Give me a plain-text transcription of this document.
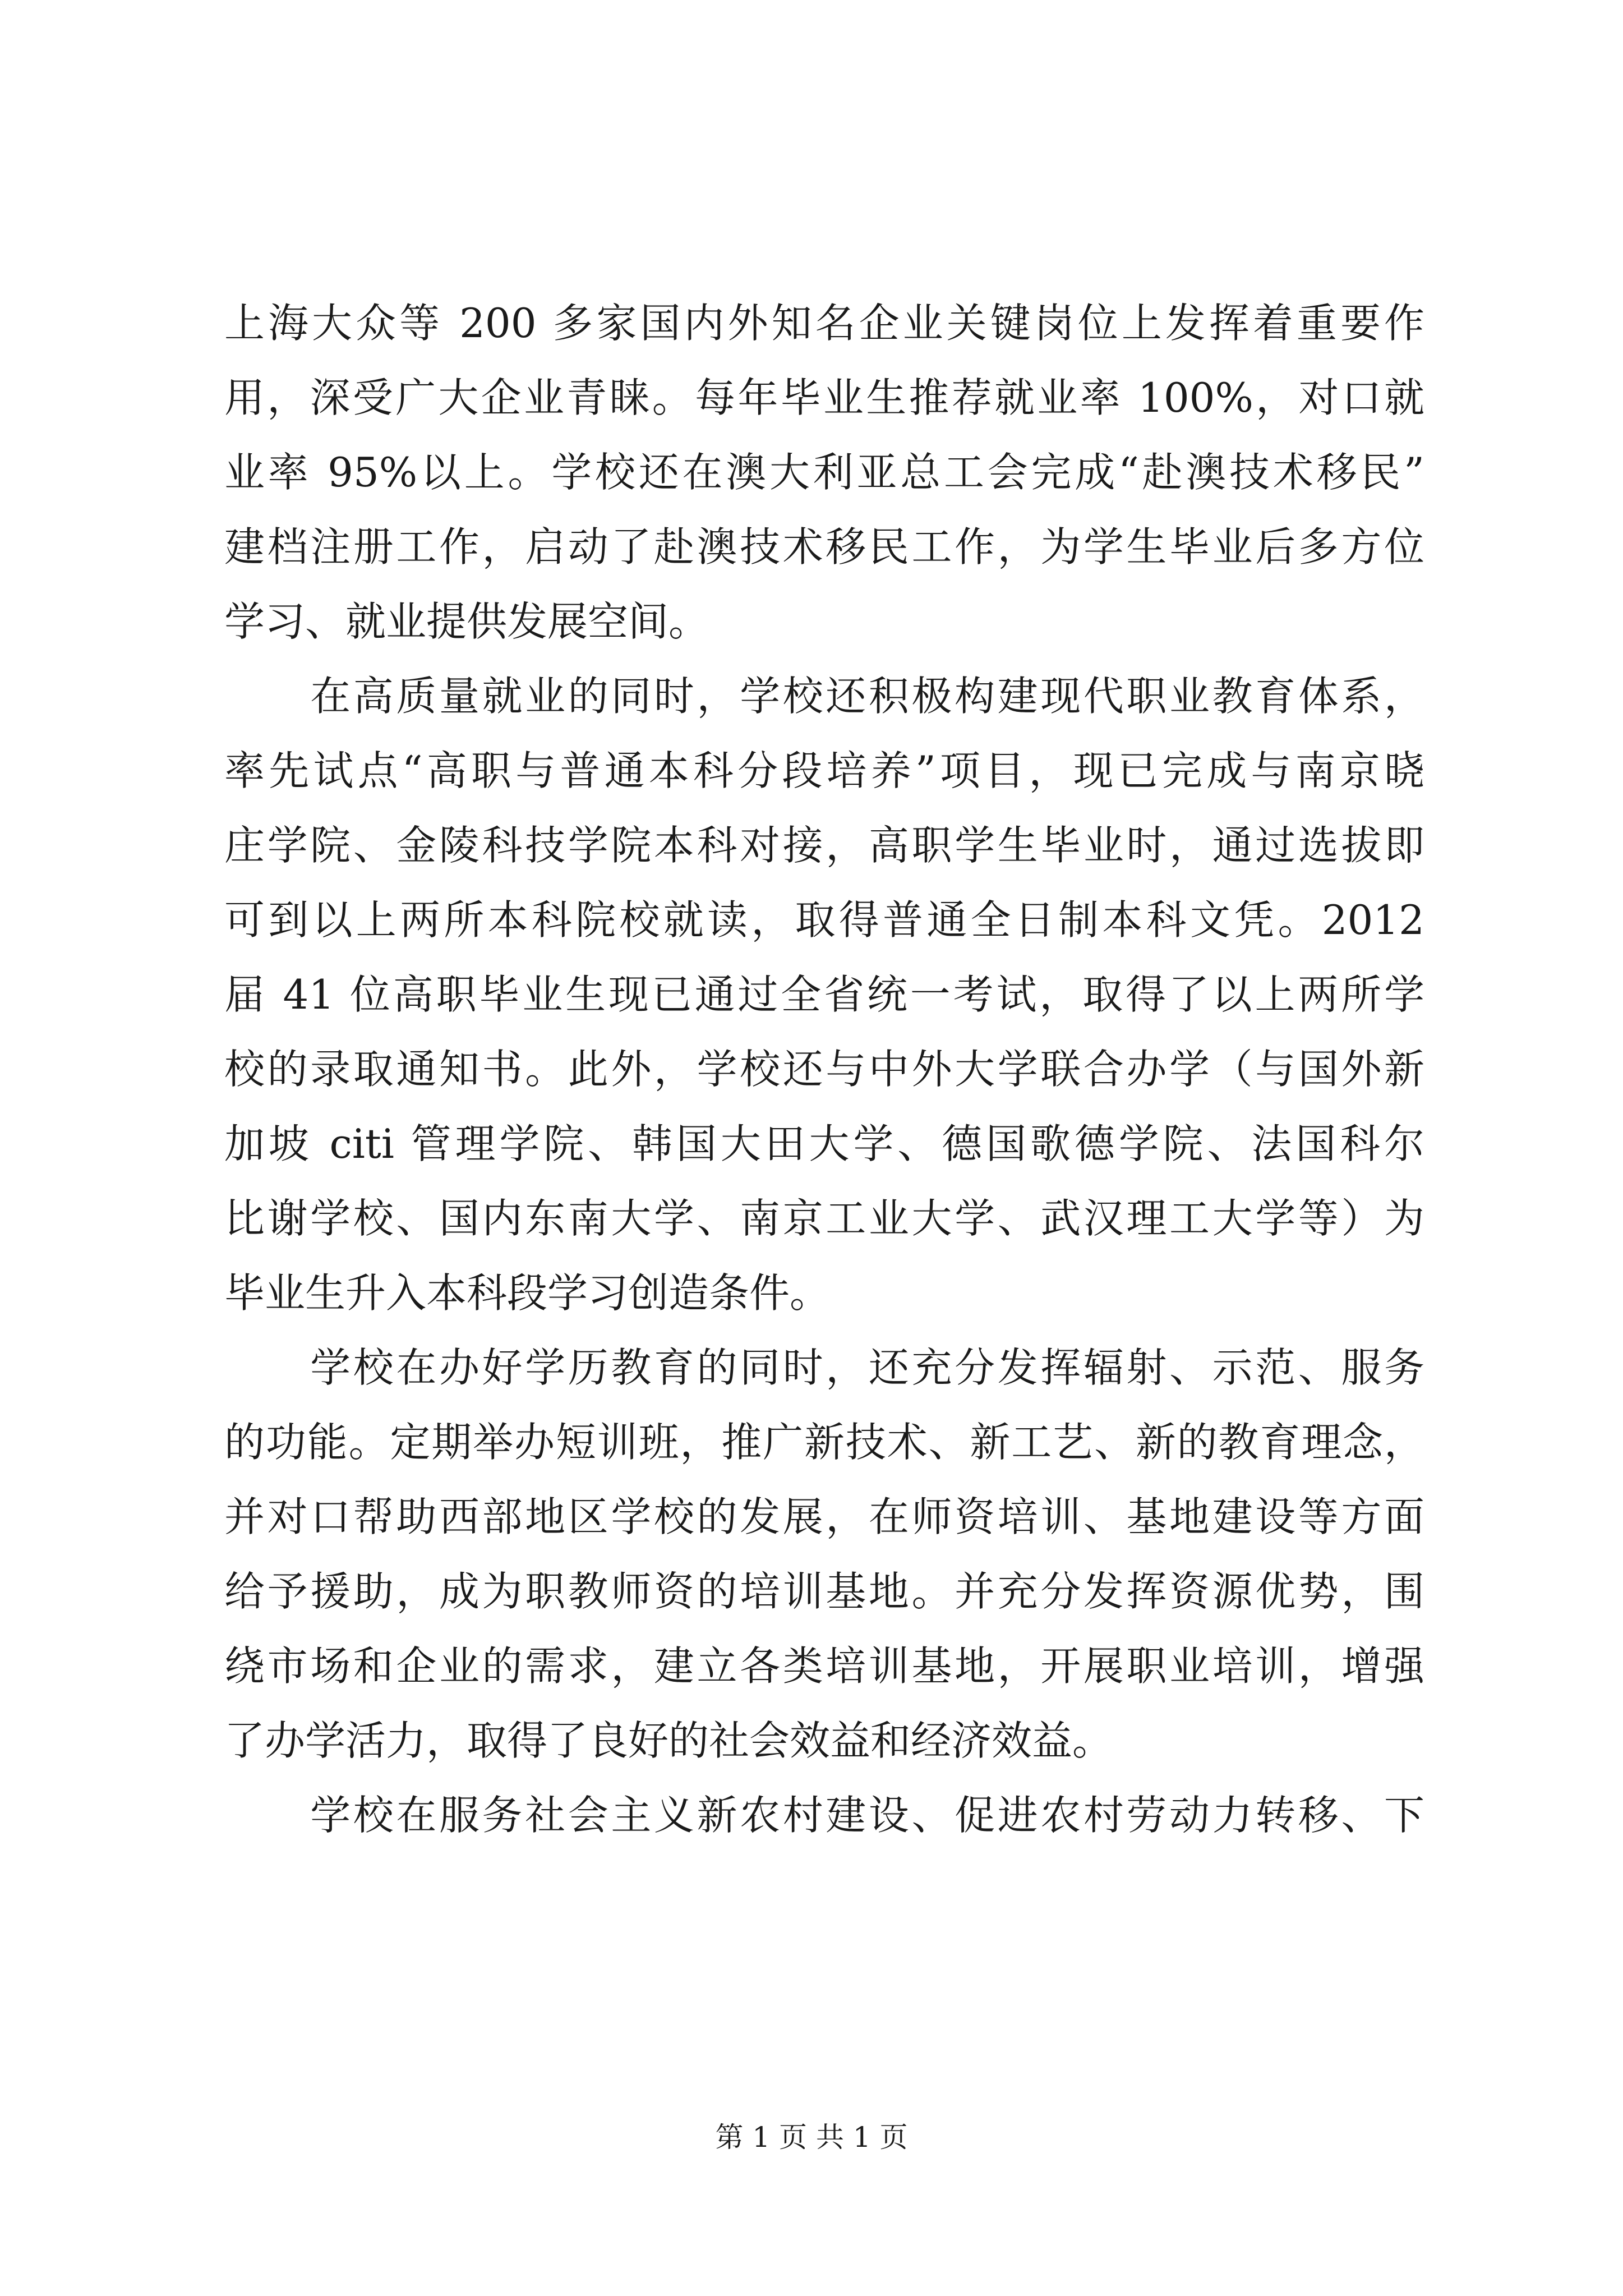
上海大众等 200 多家国内外知名企业关键岗位上发挥着重要作
用，深受广大企业青睐。每年毕业生推荐就业率 100%，对口就
业率 95%以上。学校还在澳大利亚总工会完成“赴澳技术移民”
建档注册工作，启动了赴澳技术移民工作，为学生毕业后多方位
学习、就业提供发展空间。
　　在高质量就业的同时，学校还积极构建现代职业教育体系，
率先试点“高职与普通本科分段培养”项目，现已完成与南京晓
庄学院、金陵科技学院本科对接，高职学生毕业时，通过选拔即
可到以上两所本科院校就读，取得普通全日制本科文凭。2012
届 41 位高职毕业生现已通过全省统一考试，取得了以上两所学
校的录取通知书。此外，学校还与中外大学联合办学（与国外新
加坡 citi 管理学院、韩国大田大学、德国歌德学院、法国科尔
比谢学校、国内东南大学、南京工业大学、武汉理工大学等）为
毕业生升入本科段学习创造条件。
　　学校在办好学历教育的同时，还充分发挥辐射、示范、服务
的功能。定期举办短训班，推广新技术、新工艺、新的教育理念，
并对口帮助西部地区学校的发展，在师资培训、基地建设等方面
给予援助，成为职教师资的培训基地。并充分发挥资源优势，围
绕市场和企业的需求，建立各类培训基地，开展职业培训，增强
了办学活力，取得了良好的社会效益和经济效益。
　　学校在服务社会主义新农村建设、促进农村劳动力转移、下
第 1 页 共 1 页
